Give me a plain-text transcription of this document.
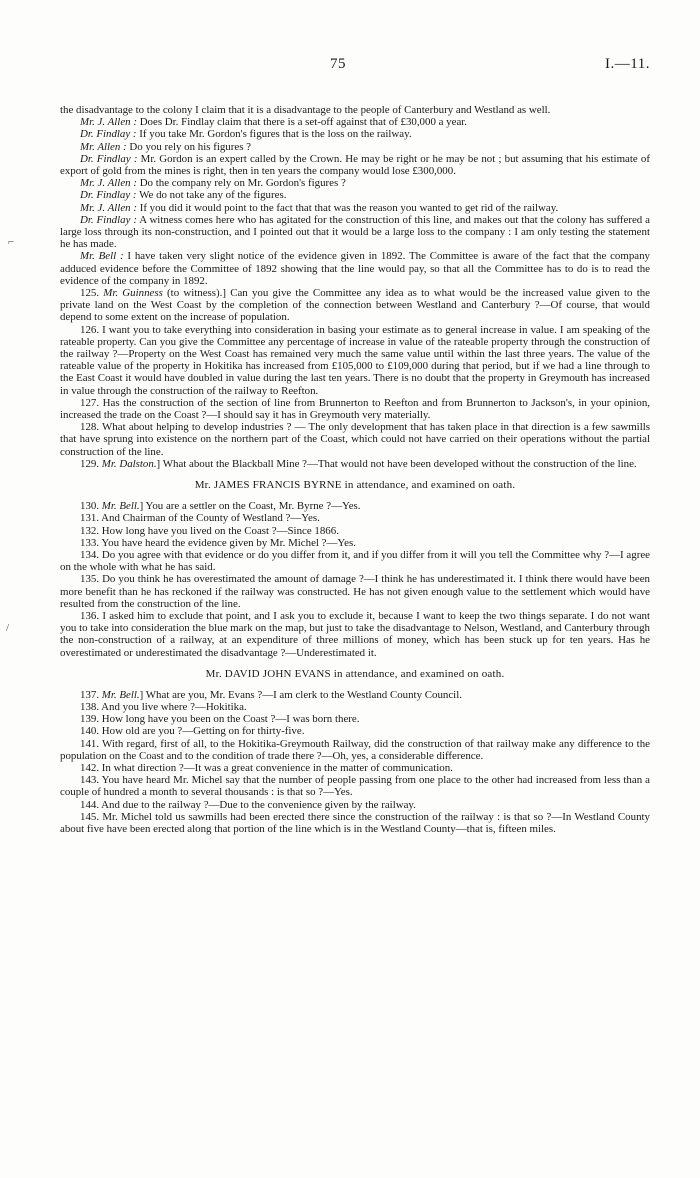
75	I.—11.

the disadvantage to the colony I claim that it is a disadvantage to the people of Canterbury and Westland as well.

Mr. J. Allen : Does Dr. Findlay claim that there is a set-off against that of £30,000 a year.

Dr. Findlay : If you take Mr. Gordon's figures that is the loss on the railway.

Mr. Allen : Do you rely on his figures ?

Dr. Findlay : Mr. Gordon is an expert called by the Crown. He may be right or he may be not ; but assuming that his estimate of export of gold from the mines is right, then in ten years the company would lose £300,000.

Mr. J. Allen : Do the company rely on Mr. Gordon's figures ?

Dr. Findlay : We do not take any of the figures.

Mr. J. Allen : If you did it would point to the fact that that was the reason you wanted to get rid of the railway.

Dr. Findlay : A witness comes here who has agitated for the construction of this line, and makes out that the colony has suffered a large loss through its non-construction, and I pointed out that it would be a large loss to the company : I am only testing the statement he has made.

Mr. Bell : I have taken very slight notice of the evidence given in 1892. The Committee is aware of the fact that the company adduced evidence before the Committee of 1892 showing that the line would pay, so that all the Committee has to do is to read the evidence of the company in 1892.

125. Mr. Guinness (to witness).] Can you give the Committee any idea as to what would be the increased value given to the private land on the West Coast by the completion of the connection between Westland and Canterbury ?—Of course, that would depend to some extent on the increase of population.

126. I want you to take everything into consideration in basing your estimate as to general increase in value. I am speaking of the rateable property. Can you give the Committee any percentage of increase in value of the rateable property through the construction of the railway ?—Property on the West Coast has remained very much the same value until within the last three years. The value of the rateable value of the property in Hokitika has increased from £105,000 to £109,000 during that period, but if we had a line through to the East Coast it would have doubled in value during the last ten years. There is no doubt that the property in Greymouth has increased in value through the construction of the railway to Reefton.

127. Has the construction of the section of line from Brunnerton to Reefton and from Brunnerton to Jackson's, in your opinion, increased the trade on the Coast ?—I should say it has in Greymouth very materially.

128. What about helping to develop industries ? — The only development that has taken place in that direction is a few sawmills that have sprung into existence on the northern part of the Coast, which could not have carried on their operations without the partial construction of the line.

129. Mr. Dalston.] What about the Blackball Mine ?—That would not have been developed without the construction of the line.

Mr. JAMES FRANCIS BYRNE in attendance, and examined on oath.

130. Mr. Bell.] You are a settler on the Coast, Mr. Byrne ?—Yes.

131. And Chairman of the County of Westland ?—Yes.

132. How long have you lived on the Coast ?—Since 1866.

133. You have heard the evidence given by Mr. Michel ?—Yes.

134. Do you agree with that evidence or do you differ from it, and if you differ from it will you tell the Committee why ?—I agree on the whole with what he has said.

135. Do you think he has overestimated the amount of damage ?—I think he has underestimated it. I think there would have been more benefit than he has reckoned if the railway was constructed. He has not given enough value to the settlement which would have resulted from the construction of the line.

136. I asked him to exclude that point, and I ask you to exclude it, because I want to keep the two things separate. I do not want you to take into consideration the blue mark on the map, but just to take the disadvantage to Nelson, Westland, and Canterbury through the non-construction of a railway, at an expenditure of three millions of money, which has been stuck up for ten years. Has he overestimated or underestimated the disadvantage ?—Underestimated it.

Mr. DAVID JOHN EVANS in attendance, and examined on oath.

137. Mr. Bell.] What are you, Mr. Evans ?—I am clerk to the Westland County Council.

138. And you live where ?—Hokitika.

139. How long have you been on the Coast ?—I was born there.

140. How old are you ?—Getting on for thirty-five.

141. With regard, first of all, to the Hokitika-Greymouth Railway, did the construction of that railway make any difference to the population on the Coast and to the condition of trade there ?—Oh, yes, a considerable difference.

142. In what direction ?—It was a great convenience in the matter of communication.

143. You have heard Mr. Michel say that the number of people passing from one place to the other had increased from less than a couple of hundred a month to several thousands : is that so ?—Yes.

144. And due to the railway ?—Due to the convenience given by the railway.

145. Mr. Michel told us sawmills had been erected there since the construction of the railway : is that so ?—In Westland County about five have been erected along that portion of the line which is in the Westland County—that is, fifteen miles.

⌐
/
